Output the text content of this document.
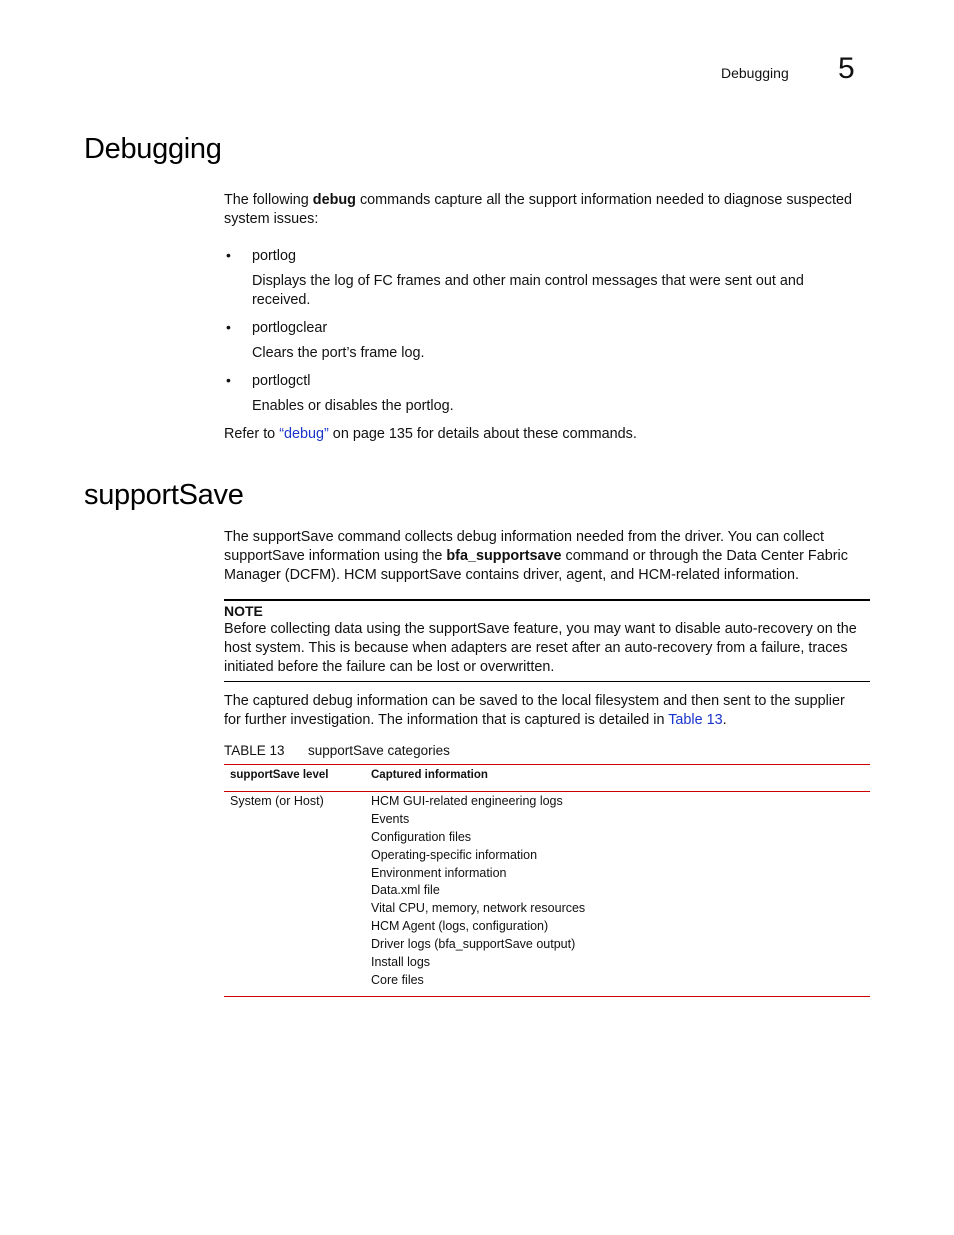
Debugging 5
Debugging

The following debug commands capture all the support information needed to diagnose suspected
system issues:

• portlog
Displays the log of FC frames and other main control messages that were sent out and
received.
• portlogclear
Clears the port’s frame log.
• portlogctl
Enables or disables the portlog.

Refer to “debug” on page 135 for details about these commands.

supportSave

The supportSave command collects debug information needed from the driver. You can collect
supportSave information using the bfa_supportsave command or through the Data Center Fabric
Manager (DCFM). HCM supportSave contains driver, agent, and HCM-related information.

NOTE

Before collecting data using the supportSave feature, you may want to disable auto-recovery on the
host system. This is because when adapters are reset after an auto-recovery from a failure, traces
initiated before the failure can be lost or overwritten.

The captured debug information can be saved to the local filesystem and then sent to the supplier
for further investigation. The information that is captured is detailed in Table 13.

TABLE 13 supportSave categories
supportSave level	Captured information
System (or Host)	HCM GUI-related engineering logs
Events
Configuration files
Operating-specific information
Environment information
Data.xml file
Vital CPU, memory, network resources
HCM Agent (logs, configuration)
Driver logs (bfa_supportSave output)
Install logs
Core files
